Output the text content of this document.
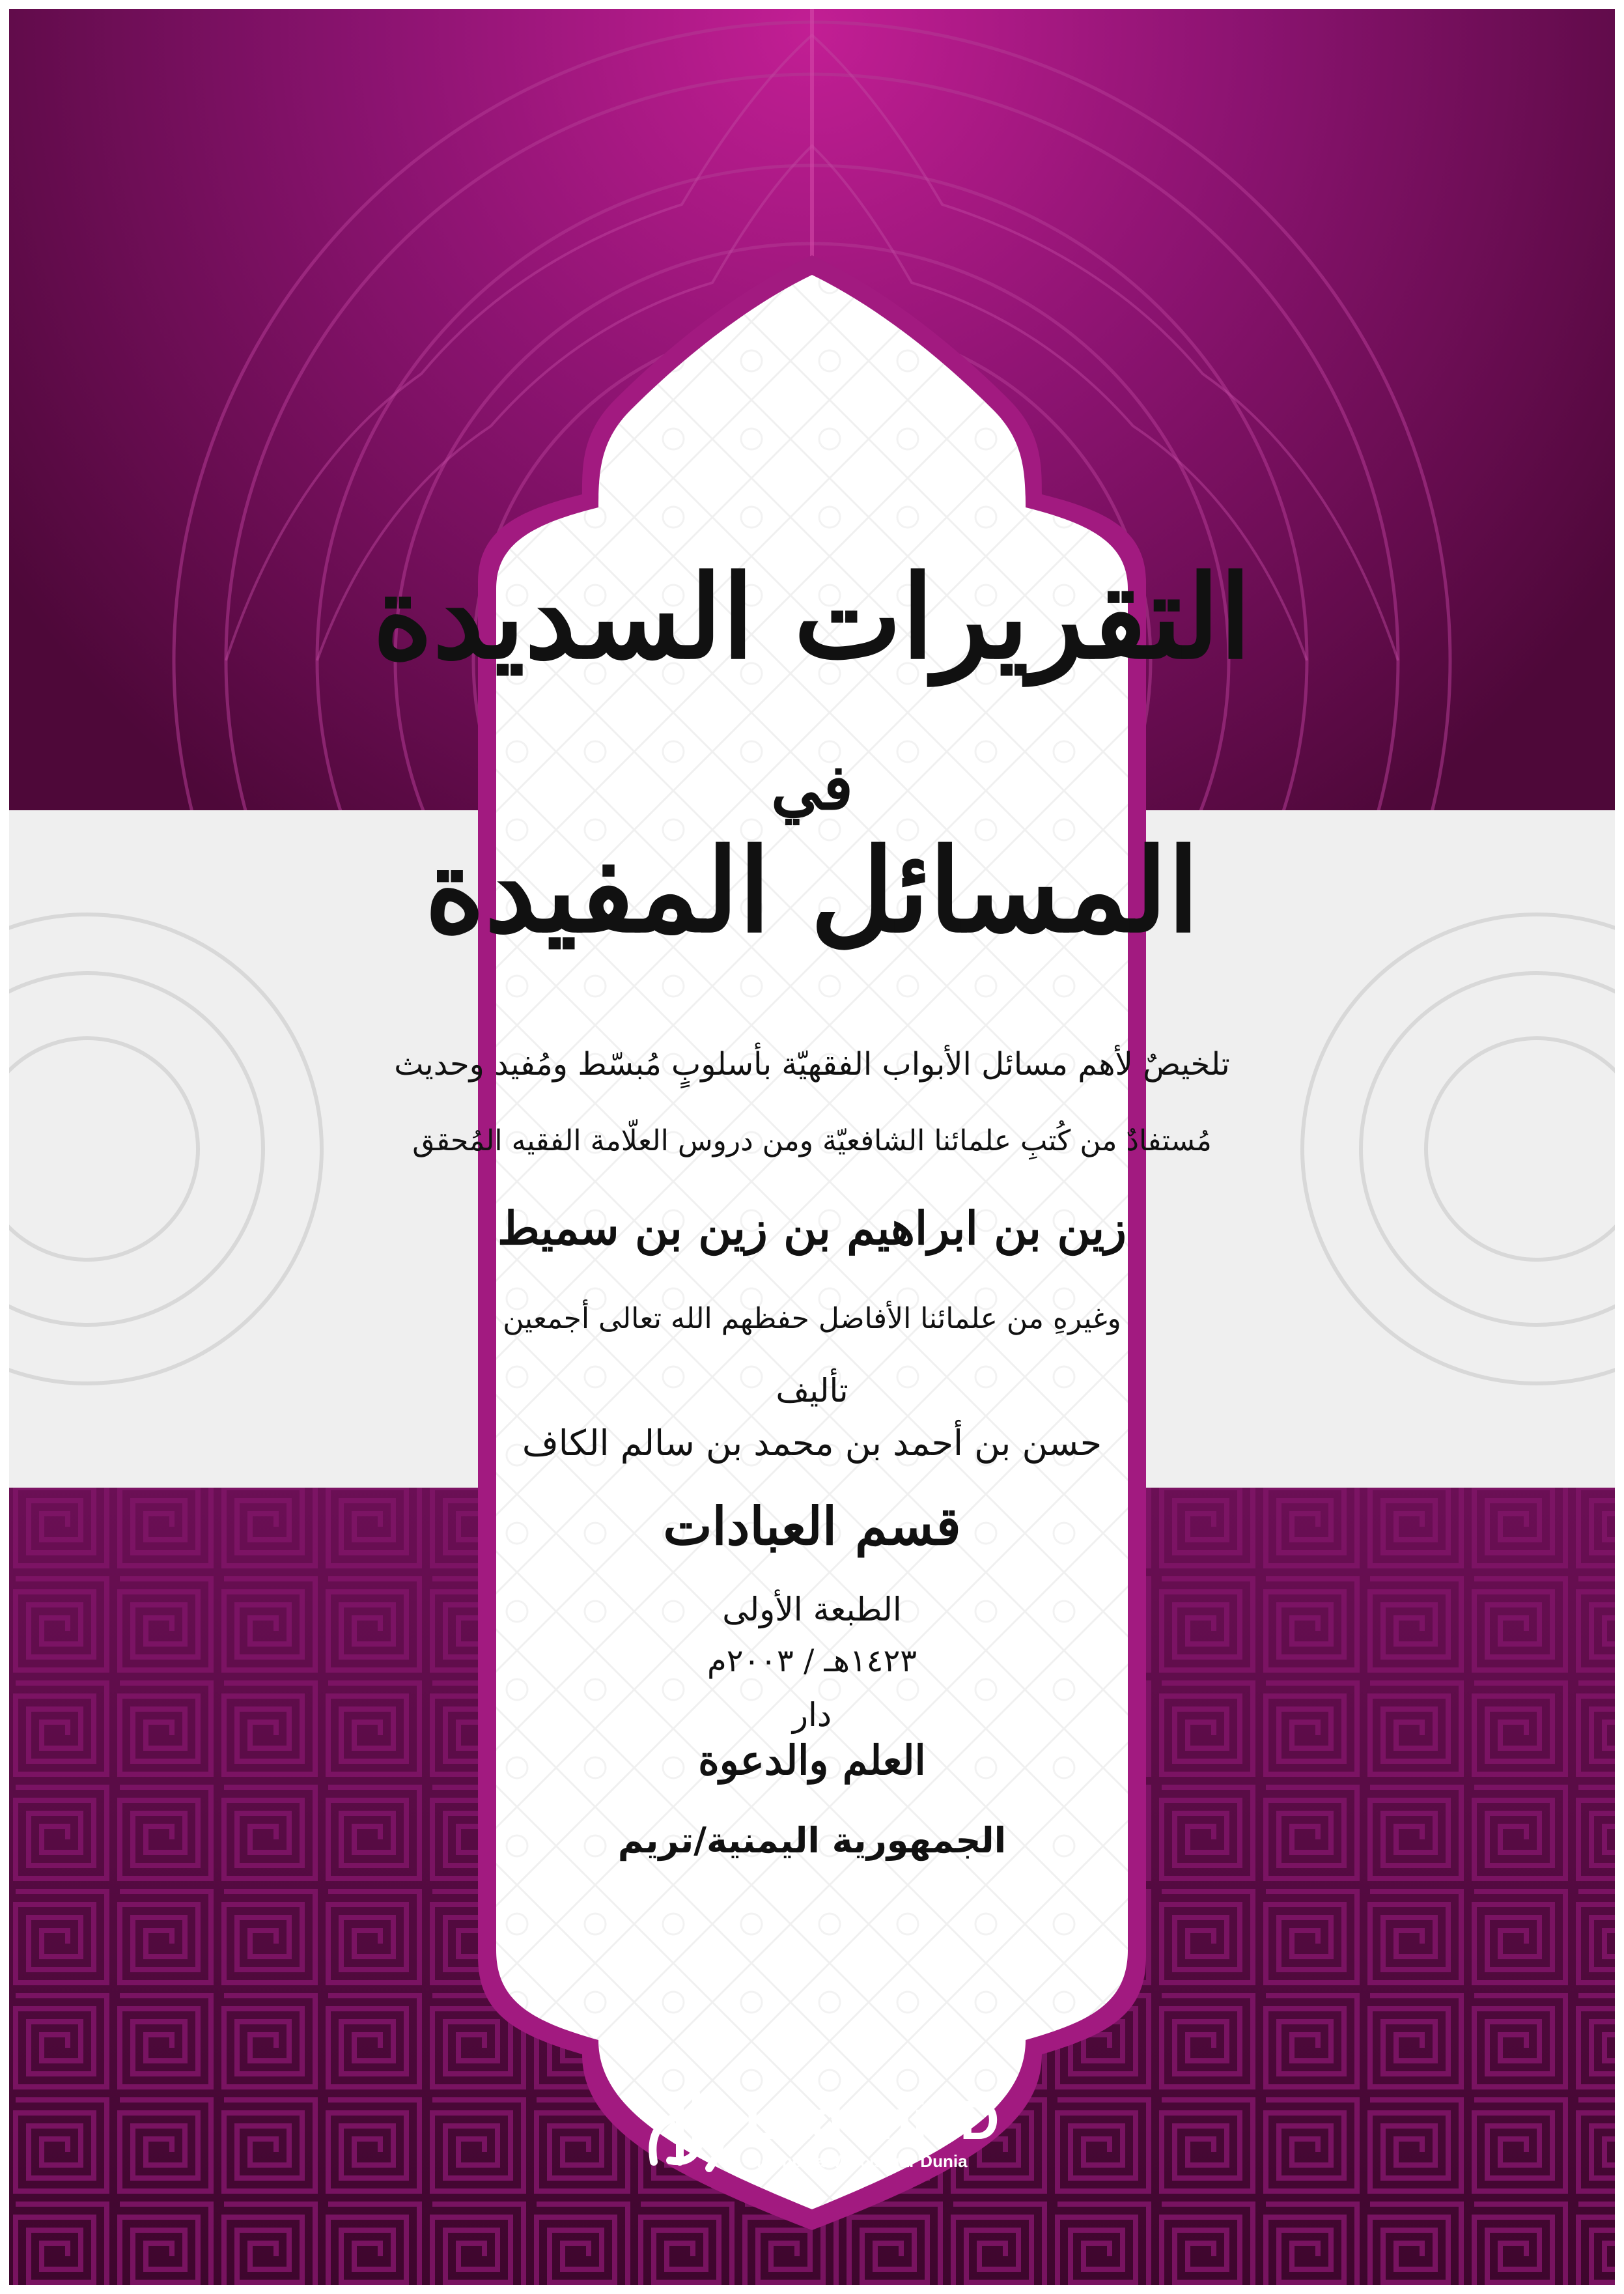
التقريرات السديدة
في
المسائل المفيدة
تلخيصٌ لأهم مسائل الأبواب الفقهيّة بأسلوبٍ مُبسّط ومُفيد وحديث
مُستفادٌ من كُتبِ علمائنا الشافعيّة ومن دروس العلّامة الفقيه المُحقق
زين بن ابراهيم بن زين بن سميط
وغيرهِ من علمائنا الأفاضل حفظهم الله تعالى أجمعين
تأليف
حسن بن أحمد بن محمد بن سالم الكاف
قسم العبادات
الطبعة الأولى
١٤٢٣هـ / ٢٠٠٣م
دار
العلم والدعوة
الجمهورية اليمنية/تريم
Laduni.ID
Indonesia Mercusuar Dunia
